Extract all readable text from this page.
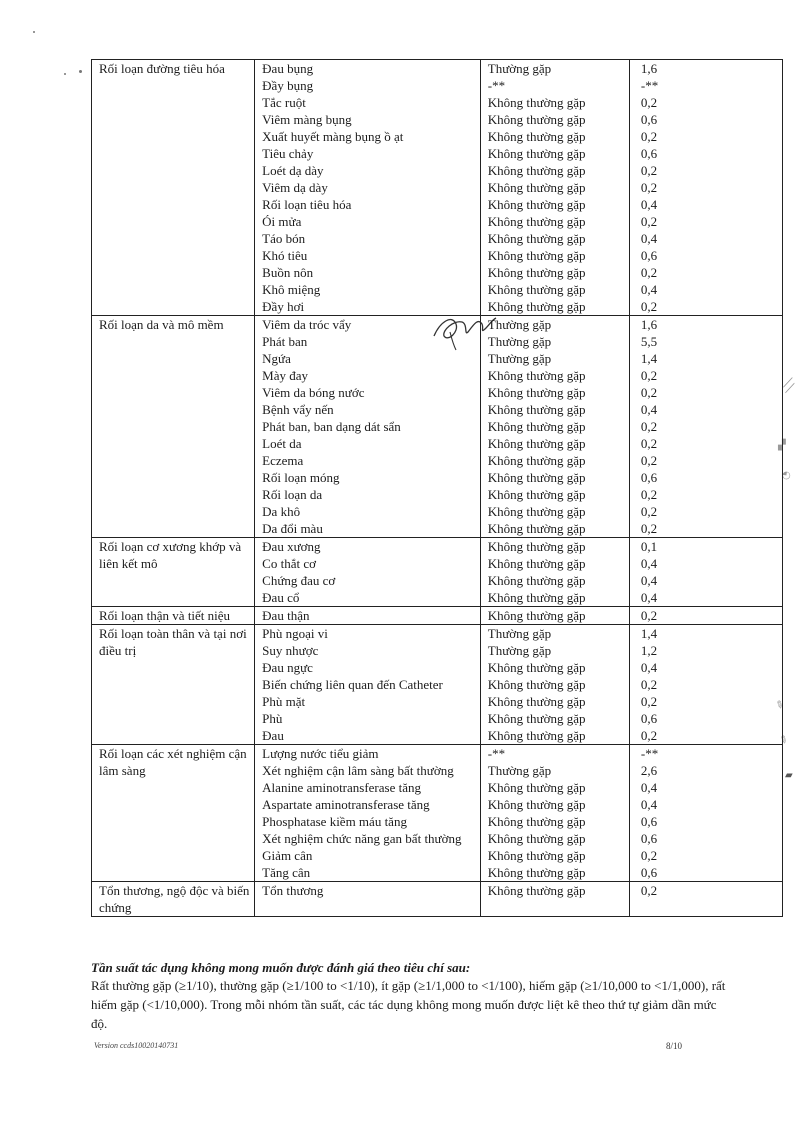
╲╲
▞
◔
✎
✎
▰
Rối loạn đường tiêu hóa	Đau bụng	Thường gặp	1,6
	Đầy bụng	-**	-**
	Tắc ruột	Không thường gặp	0,2
	Viêm màng bụng	Không thường gặp	0,6
	Xuất huyết màng bụng ồ ạt	Không thường gặp	0,2
	Tiêu chảy	Không thường gặp	0,6
	Loét dạ dày	Không thường gặp	0,2
	Viêm dạ dày	Không thường gặp	0,2
	Rối loạn tiêu hóa	Không thường gặp	0,4
	Ói mửa	Không thường gặp	0,2
	Táo bón	Không thường gặp	0,4
	Khó tiêu	Không thường gặp	0,6
	Buồn nôn	Không thường gặp	0,2
	Khô miệng	Không thường gặp	0,4
	Đầy hơi	Không thường gặp	0,2
Rối loạn da và mô mềm	Viêm da tróc vẩy	Thường gặp	1,6
	Phát ban	Thường gặp	5,5
	Ngứa	Thường gặp	1,4
	Mày đay	Không thường gặp	0,2
	Viêm da bóng nước	Không thường gặp	0,2
	Bệnh vẩy nến	Không thường gặp	0,4
	Phát ban, ban dạng dát sẩn	Không thường gặp	0,2
	Loét da	Không thường gặp	0,2
	Eczema	Không thường gặp	0,2
	Rối loạn móng	Không thường gặp	0,6
	Rối loạn da	Không thường gặp	0,2
	Da khô	Không thường gặp	0,2
	Da đổi màu	Không thường gặp	0,2
Rối loạn cơ xương khớp và liên kết mô	Đau xương	Không thường gặp	0,1
	Co thắt cơ	Không thường gặp	0,4
	Chứng đau cơ	Không thường gặp	0,4
	Đau cổ	Không thường gặp	0,4
Rối loạn thận và tiết niệu	Đau thận	Không thường gặp	0,2
Rối loạn toàn thân và tại nơi điều trị	Phù ngoại vi	Thường gặp	1,4
	Suy nhược	Thường gặp	1,2
	Đau ngực	Không thường gặp	0,4
	Biến chứng liên quan đến Catheter	Không thường gặp	0,2
	Phù mặt	Không thường gặp	0,2
	Phù	Không thường gặp	0,6
	Đau	Không thường gặp	0,2
Rối loạn các xét nghiệm cận lâm sàng	Lượng nước tiểu giảm	-**	-**
	Xét nghiệm cận lâm sàng bất thường	Thường gặp	2,6
	Alanine aminotransferase tăng	Không thường gặp	0,4
	Aspartate aminotransferase tăng	Không thường gặp	0,4
	Phosphatase kiềm máu tăng	Không thường gặp	0,6
	Xét nghiệm chức năng gan bất thường	Không thường gặp	0,6
	Giảm cân	Không thường gặp	0,2
	Tăng cân	Không thường gặp	0,6
Tổn thương, ngộ độc và biến chứng	Tổn thương	Không thường gặp	0,2
Tần suất tác dụng không mong muốn được đánh giá theo tiêu chí sau:
Rất thường gặp (≥1/10), thường gặp (≥1/100 to <1/10), ít gặp (≥1/1,000 to <1/100), hiếm gặp (≥1/10,000 to <1/1,000), rất hiếm gặp (<1/10,000). Trong mỗi nhóm tần suất, các tác dụng không mong muốn được liệt kê theo thứ tự giảm dần mức độ.
Version ccds10020140731	8/10
